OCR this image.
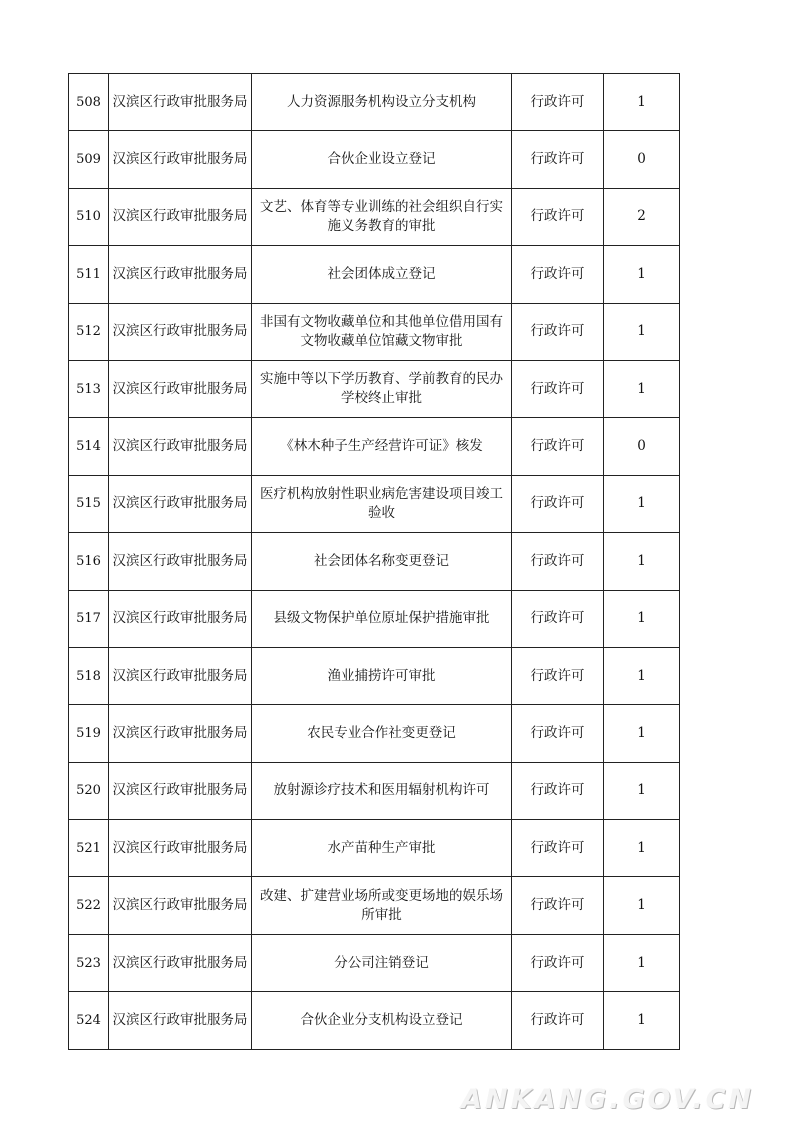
508	汉滨区行政审批服务局	人力资源服务机构设立分支机构	行政许可	1
509	汉滨区行政审批服务局	合伙企业设立登记	行政许可	0
510	汉滨区行政审批服务局	文艺、体育等专业训练的社会组织自行实施义务教育的审批	行政许可	2
511	汉滨区行政审批服务局	社会团体成立登记	行政许可	1
512	汉滨区行政审批服务局	非国有文物收藏单位和其他单位借用国有文物收藏单位馆藏文物审批	行政许可	1
513	汉滨区行政审批服务局	实施中等以下学历教育、学前教育的民办学校终止审批	行政许可	1
514	汉滨区行政审批服务局	《林木种子生产经营许可证》核发	行政许可	0
515	汉滨区行政审批服务局	医疗机构放射性职业病危害建设项目竣工验收	行政许可	1
516	汉滨区行政审批服务局	社会团体名称变更登记	行政许可	1
517	汉滨区行政审批服务局	县级文物保护单位原址保护措施审批	行政许可	1
518	汉滨区行政审批服务局	渔业捕捞许可审批	行政许可	1
519	汉滨区行政审批服务局	农民专业合作社变更登记	行政许可	1
520	汉滨区行政审批服务局	放射源诊疗技术和医用辐射机构许可	行政许可	1
521	汉滨区行政审批服务局	水产苗种生产审批	行政许可	1
522	汉滨区行政审批服务局	改建、扩建营业场所或变更场地的娱乐场所审批	行政许可	1
523	汉滨区行政审批服务局	分公司注销登记	行政许可	1
524	汉滨区行政审批服务局	合伙企业分支机构设立登记	行政许可	1
ANKANG.GOV.CN
